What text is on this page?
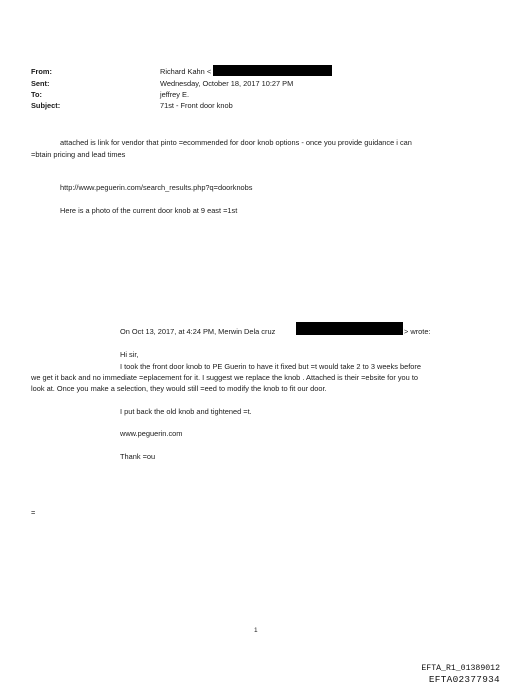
From:
Sent:
To:
Subject:
Richard Kahn <
Wednesday, October 18, 2017 10:27 PM
jeffrey E.
71st - Front door knob
attached is link for vendor that pinto =ecommended for door knob options - once you provide guidance i can
=btain pricing and lead times
http://www.peguerin.com/search_results.php?q=doorknobs
Here is a photo of the current door knob at 9 east =1st
On Oct 13, 2017, at 4:24 PM, Merwin Dela cruz	> wrote:
Hi sir,
I took the front door knob to PE Guerin to have it fixed but =t would take 2 to 3 weeks before
we get it back and no immediate =eplacement for it. I suggest we replace the knob . Attached is their =ebsite for you to
look at. Once you make a selection, they would still =eed to modify the knob to fit our door.
I put back the old knob and tightened =t.
www.peguerin.com
Thank =ou
=
1
EFTA_R1_01389012
EFTA02377934
